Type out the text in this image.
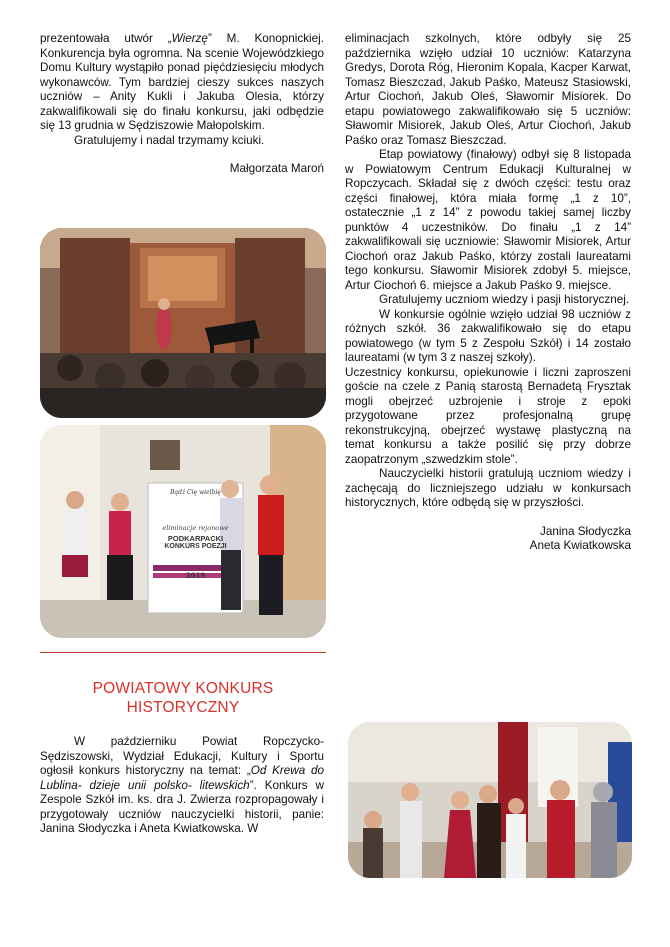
prezentowała utwór „Wierzę” M. Konopnickiej. Konkurencja była ogromna. Na scenie Wojewódzkiego Domu Kultury wystąpiło ponad pięćdziesięciu młodych wykonawców. Tym bardziej cieszy sukces naszych uczniów – Anity Kukli i Jakuba Olesia, którzy zakwalifikowali się do finału konkursu, jaki odbędzie się 13 grudnia w Sędziszowie Małopolskim.

Gratulujemy i nadal trzymamy kciuki.

Małgorzata Maroń

Bądź Cię wielbię
eliminacje rejonowe
PODKARPACKI
KONKURS POEZJI
RELIGIJNEJ
2019
POWIATOWY KONKURS
HISTORYCZNY

W październiku Powiat Ropczycko-Sędziszowski, Wydział Edukacji, Kultury i Sportu ogłosił konkurs historyczny na temat: „Od Krewa do Lublina- dzieje unii polsko- litewskich”. Konkurs w Zespole Szkół im. ks. dra J. Zwierza rozpropagowały i przygotowały uczniów nauczycielki historii, panie: Janina Słodyczka i Aneta Kwiatkowska. W

eliminacjach szkolnych, które odbyły się 25 października wzięło udział 10 uczniów: Katarzyna Gredys, Dorota Róg, Hieronim Kopala, Kacper Karwat, Tomasz Bieszczad, Jakub Paśko, Mateusz Stasiowski, Artur Ciochoń, Jakub Oleś, Sławomir Misiorek. Do etapu powiatowego zakwalifikowało się 5 uczniów: Sławomir Misiorek, Jakub Oleś, Artur Ciochoń, Jakub Paśko oraz Tomasz Bieszczad.

Etap powiatowy (finałowy) odbył się 8 listopada w Powiatowym Centrum Edukacji Kulturalnej w Ropczycach. Składał się z dwóch części: testu oraz części finałowej, która miała formę „1 z 10”, ostatecznie „1 z 14” z powodu takiej samej liczby punktów 4 uczestników. Do finału „1 z 14” zakwalifikowali się uczniowie: Sławomir Misiorek, Artur Ciochoń oraz Jakub Paśko, którzy zostali laureatami tego konkursu. Sławomir Misiorek zdobył 5. miejsce, Artur Ciochoń 6. miejsce a Jakub Paśko 9. miejsce.

Gratulujemy uczniom wiedzy i pasji historycznej.

W konkursie ogólnie wzięło udział 98 uczniów z różnych szkół. 36 zakwalifikowało się do etapu powiatowego (w tym 5 z Zespołu Szkół) i 14 zostało laureatami (w tym 3 z naszej szkoły).

Uczestnicy konkursu, opiekunowie i liczni zaproszeni goście na czele z Panią starostą Bernadetą Frysztak mogli obejrzeć uzbrojenie i stroje z epoki przygotowane przez profesjonalną grupę rekonstrukcyjną, obejrzeć wystawę plastyczną na temat konkursu a także posilić się przy dobrze zaopatrzonym „szwedzkim stole”.

Nauczycielki historii gratulują uczniom wiedzy i zachęcają do liczniejszego udziału w konkursach historycznych, które odbędą się w przyszłości.

Janina Słodyczka

Aneta Kwiatkowska
